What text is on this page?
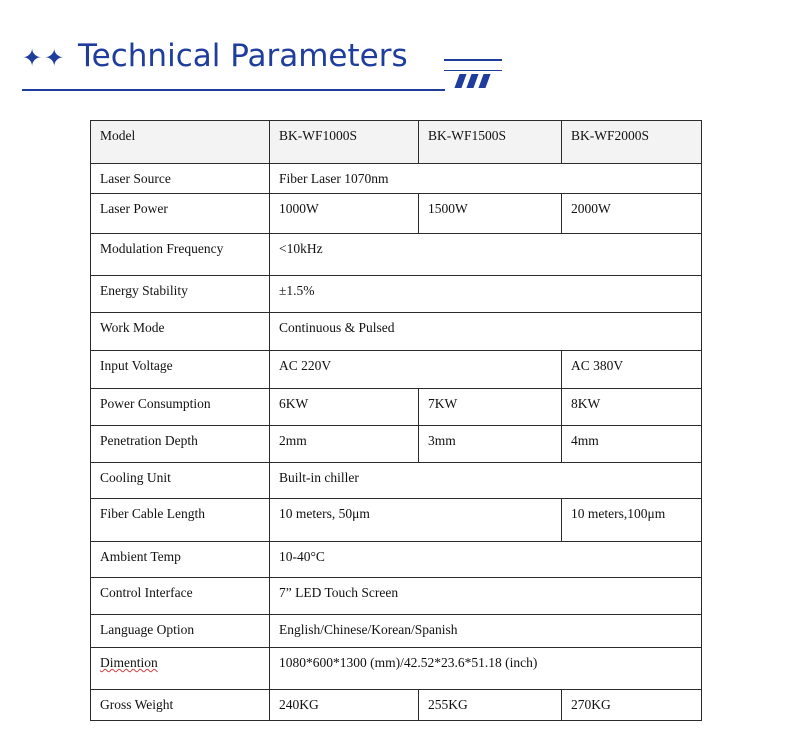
✦✦ Technical Parameters
Model	BK-WF1000S	BK-WF1500S	BK-WF2000S
Laser Source	Fiber Laser 1070nm		
Laser Power	1000W	1500W	2000W
Modulation Frequency	<10kHz		
Energy Stability	±1.5%		
Work Mode	Continuous & Pulsed		
Input Voltage	AC 220V		AC 380V
Power Consumption	6KW	7KW	8KW
Penetration Depth	2mm	3mm	4mm
Cooling Unit	Built-in chiller		
Fiber Cable Length	10 meters, 50μm		10 meters,100μm
Ambient Temp	10-40°C		
Control Interface	7” LED Touch Screen		
Language Option	English/Chinese/Korean/Spanish		
Dimention	1080*600*1300 (mm)/42.52*23.6*51.18 (inch)		
Gross Weight	240KG	255KG	270KG
